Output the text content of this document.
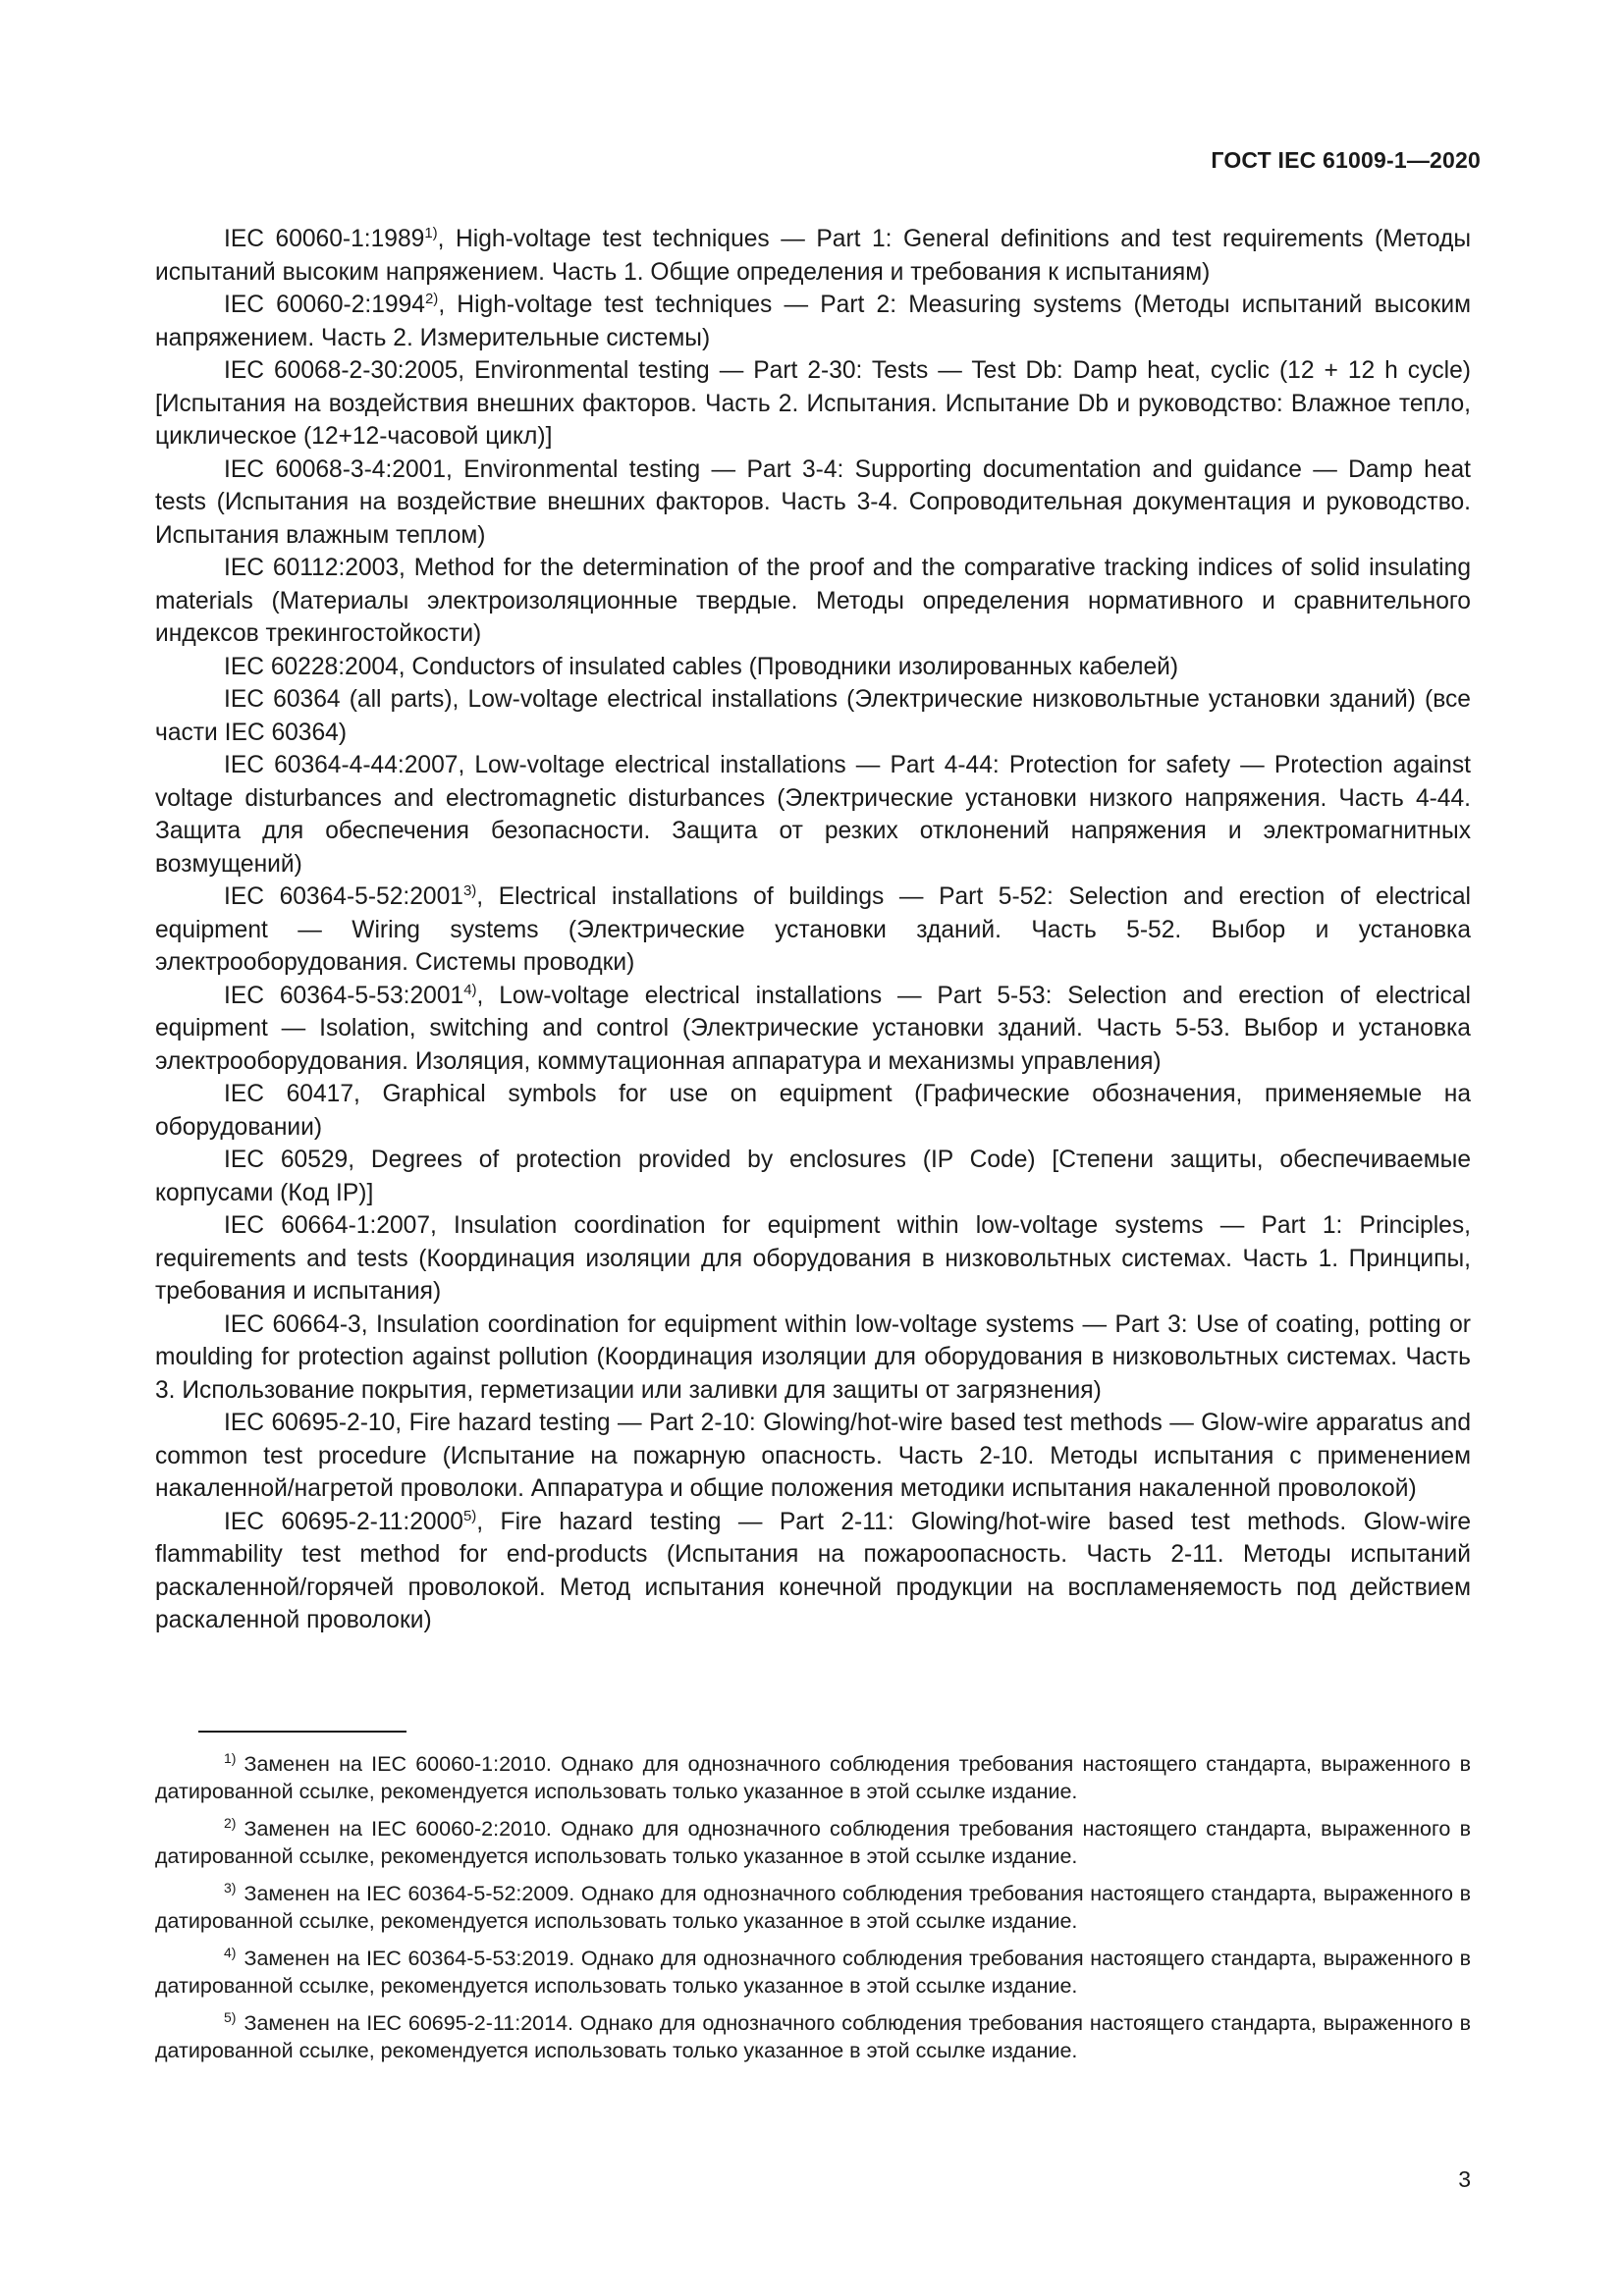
ГОСТ IEC 61009-1—2020

IEC 60060-1:1989$^{1)}$, High-voltage test techniques — Part 1: General definitions and test requirements (Методы испытаний высоким напряжением. Часть 1. Общие определения и требования к испытаниям)

IEC 60060-2:1994$^{2)}$, High-voltage test techniques — Part 2: Measuring systems (Методы испытаний высоким напряжением. Часть 2. Измерительные системы)

IEC 60068-2-30:2005, Environmental testing — Part 2-30: Tests — Test Db: Damp heat, cyclic (12 + 12 h cycle) [Испытания на воздействия внешних факторов. Часть 2. Испытания. Испытание Db и руководство: Влажное тепло, циклическое (12+12-часовой цикл)]

IEC 60068-3-4:2001, Environmental testing — Part 3-4: Supporting documentation and guidance — Damp heat tests (Испытания на воздействие внешних факторов. Часть 3-4. Сопроводительная документация и руководство. Испытания влажным теплом)

IEC 60112:2003, Method for the determination of the proof and the comparative tracking indices of solid insulating materials (Материалы электроизоляционные твердые. Методы определения нормативного и сравнительного индексов трекингостойкости)

IEC 60228:2004, Conductors of insulated cables (Проводники изолированных кабелей)

IEC 60364 (all parts), Low-voltage electrical installations (Электрические низковольтные установки зданий) (все части IEC 60364)

IEC 60364-4-44:2007, Low-voltage electrical installations — Part 4-44: Protection for safety — Protection against voltage disturbances and electromagnetic disturbances (Электрические установки низкого напряжения. Часть 4-44. Защита для обеспечения безопасности. Защита от резких отклонений напряжения и электромагнитных возмущений)

IEC 60364-5-52:2001$^{3)}$, Electrical installations of buildings — Part 5-52: Selection and erection of electrical equipment — Wiring systems (Электрические установки зданий. Часть 5-52. Выбор и установка электрооборудования. Системы проводки)

IEC 60364-5-53:2001$^{4)}$, Low-voltage electrical installations — Part 5-53: Selection and erection of electrical equipment — Isolation, switching and control (Электрические установки зданий. Часть 5-53. Выбор и установка электрооборудования. Изоляция, коммутационная аппаратура и механизмы управления)

IEC 60417, Graphical symbols for use on equipment (Графические обозначения, применяемые на оборудовании)

IEC 60529, Degrees of protection provided by enclosures (IP Code) [Степени защиты, обеспечиваемые корпусами (Код IP)]

IEC 60664-1:2007, Insulation coordination for equipment within low-voltage systems — Part 1: Principles, requirements and tests (Координация изоляции для оборудования в низковольтных системах. Часть 1. Принципы, требования и испытания)

IEC 60664-3, Insulation coordination for equipment within low-voltage systems — Part 3: Use of coating, potting or moulding for protection against pollution (Координация изоляции для оборудования в низковольтных системах. Часть 3. Использование покрытия, герметизации или заливки для защиты от загрязнения)

IEC 60695-2-10, Fire hazard testing — Part 2-10: Glowing/hot-wire based test methods — Glow-wire apparatus and common test procedure (Испытание на пожарную опасность. Часть 2-10. Методы испытания с применением накаленной/нагретой проволоки. Аппаратура и общие положения методики испытания накаленной проволокой)

IEC 60695-2-11:2000$^{5)}$, Fire hazard testing — Part 2-11: Glowing/hot-wire based test methods. Glow-wire flammability test method for end-products (Испытания на пожароопасность. Часть 2-11. Методы испытаний раскаленной/горячей проволокой. Метод испытания конечной продукции на воспламеняемость под действием раскаленной проволоки)

$^{1)}$ Заменен на IEC 60060-1:2010. Однако для однозначного соблюдения требования настоящего стандарта, выраженного в датированной ссылке, рекомендуется использовать только указанное в этой ссылке издание.

$^{2)}$ Заменен на IEC 60060-2:2010. Однако для однозначного соблюдения требования настоящего стандарта, выраженного в датированной ссылке, рекомендуется использовать только указанное в этой ссылке издание.

$^{3)}$ Заменен на IEC 60364-5-52:2009. Однако для однозначного соблюдения требования настоящего стандарта, выраженного в датированной ссылке, рекомендуется использовать только указанное в этой ссылке издание.

$^{4)}$ Заменен на IEC 60364-5-53:2019. Однако для однозначного соблюдения требования настоящего стандарта, выраженного в датированной ссылке, рекомендуется использовать только указанное в этой ссылке издание.

$^{5)}$ Заменен на IEC 60695-2-11:2014. Однако для однозначного соблюдения требования настоящего стандарта, выраженного в датированной ссылке, рекомендуется использовать только указанное в этой ссылке издание.

3
